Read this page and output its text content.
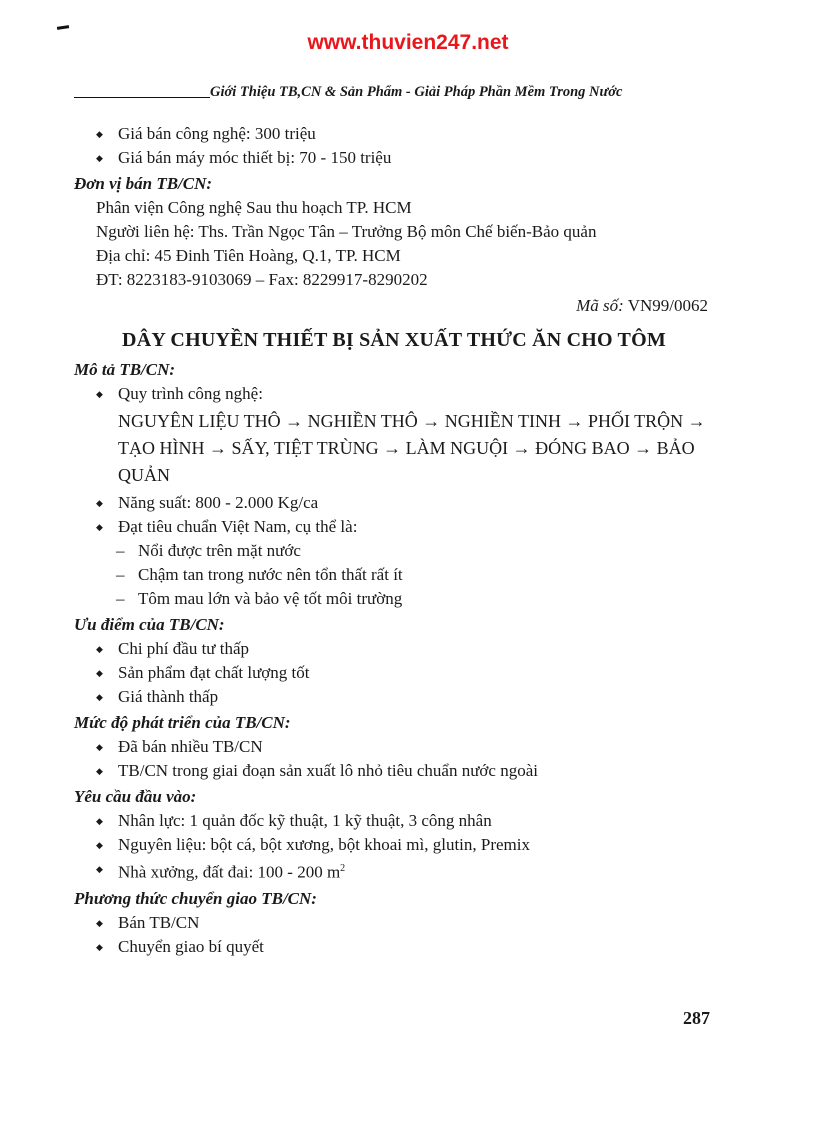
www.thuvien247.net
Giới Thiệu TB,CN & Sản Phẩm - Giải Pháp Phần Mềm Trong Nước
◆ Giá bán công nghệ: 300 triệu
◆ Giá bán máy móc thiết bị: 70 - 150 triệu
Đơn vị bán TB/CN:
Phân viện Công nghệ Sau thu hoạch TP. HCM
Người liên hệ: Ths. Trần Ngọc Tân – Trưởng Bộ môn Chế biến-Bảo quản
Địa chỉ: 45 Đinh Tiên Hoàng, Q.1, TP. HCM
ĐT: 8223183-9103069 – Fax: 8229917-8290202
Mã số: VN99/0062
DÂY CHUYỀN THIẾT BỊ SẢN XUẤT THỨC ĂN CHO TÔM
Mô tả TB/CN:
◆ Quy trình công nghệ:
NGUYÊN LIỆU THÔ → NGHIỀN THÔ → NGHIỀN TINH → PHỐI TRỘN → TẠO HÌNH → SẤY, TIỆT TRÙNG → LÀM NGUỘI → ĐÓNG BAO → BẢO QUẢN
◆ Năng suất: 800 - 2.000 Kg/ca
◆ Đạt tiêu chuẩn Việt Nam, cụ thể là:
– Nổi được trên mặt nước
– Chậm tan trong nước nên tổn thất rất ít
– Tôm mau lớn và bảo vệ tốt môi trường
Ưu điểm của TB/CN:
◆ Chi phí đầu tư thấp
◆ Sản phẩm đạt chất lượng tốt
◆ Giá thành thấp
Mức độ phát triển của TB/CN:
◆ Đã bán nhiều TB/CN
◆ TB/CN trong giai đoạn sản xuất lô nhỏ tiêu chuẩn nước ngoài
Yêu cầu đầu vào:
◆ Nhân lực: 1 quản đốc kỹ thuật, 1 kỹ thuật, 3 công nhân
◆ Nguyên liệu: bột cá, bột xương, bột khoai mì, glutin, Premix
◆ Nhà xưởng, đất đai: 100 - 200 $m^2$
Phương thức chuyển giao TB/CN:
◆ Bán TB/CN
◆ Chuyển giao bí quyết
287
